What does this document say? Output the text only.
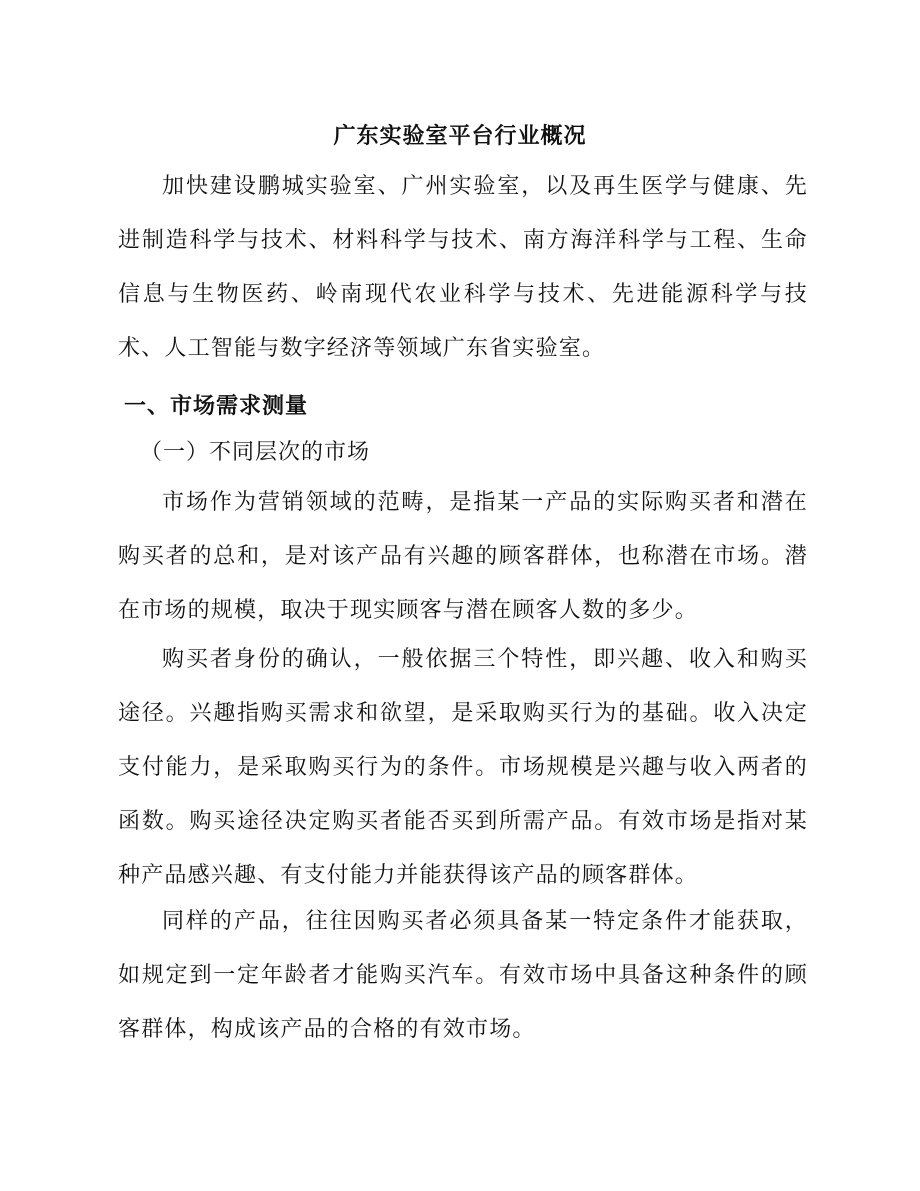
广东实验室平台行业概况

加快建设鹏城实验室、广州实验室，以及再生医学与健康、先进制造科学与技术、材料科学与技术、南方海洋科学与工程、生命信息与生物医药、岭南现代农业科学与技术、先进能源科学与技术、人工智能与数字经济等领域广东省实验室。

一、市场需求测量
（一）不同层次的市场

市场作为营销领域的范畴，是指某一产品的实际购买者和潜在购买者的总和，是对该产品有兴趣的顾客群体，也称潜在市场。潜在市场的规模，取决于现实顾客与潜在顾客人数的多少。

购买者身份的确认，一般依据三个特性，即兴趣、收入和购买途径。兴趣指购买需求和欲望，是采取购买行为的基础。收入决定支付能力，是采取购买行为的条件。市场规模是兴趣与收入两者的函数。购买途径决定购买者能否买到所需产品。有效市场是指对某种产品感兴趣、有支付能力并能获得该产品的顾客群体。

同样的产品，往往因购买者必须具备某一特定条件才能获取，如规定到一定年龄者才能购买汽车。有效市场中具备这种条件的顾客群体，构成该产品的合格的有效市场。
